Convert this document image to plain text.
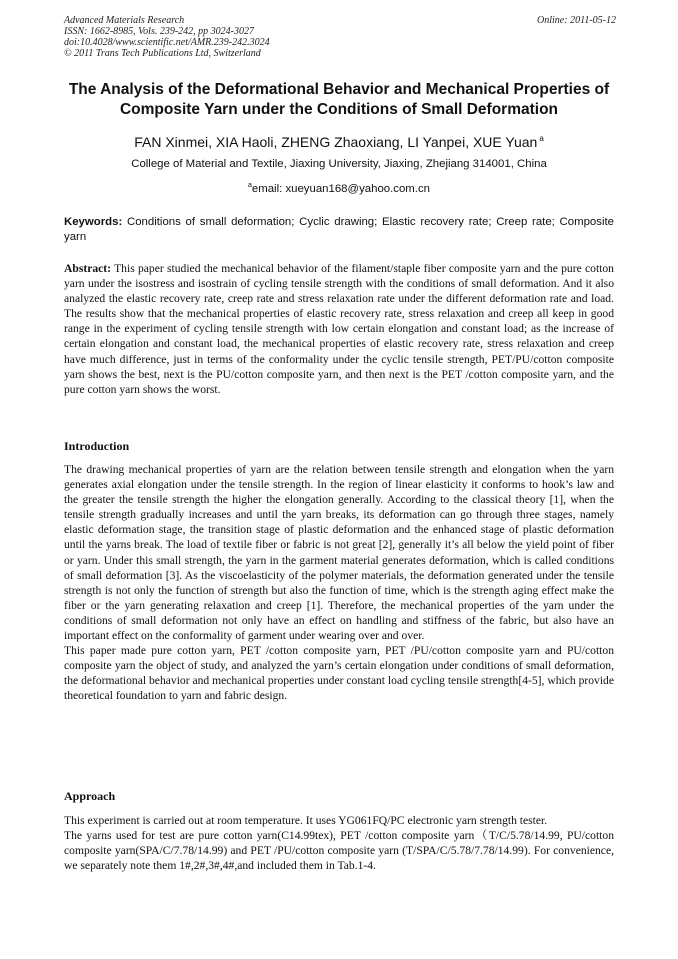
Advanced Materials Research
ISSN: 1662-8985, Vols. 239-242, pp 3024-3027
doi:10.4028/www.scientific.net/AMR.239-242.3024
© 2011 Trans Tech Publications Ltd, Switzerland
Online: 2011-05-12
The Analysis of the Deformational Behavior and Mechanical Properties of Composite Yarn under the Conditions of Small Deformation
FAN Xinmei, XIA Haoli, ZHENG Zhaoxiang, LI Yanpei, XUE Yuan $^a$
College of Material and Textile, Jiaxing University, Jiaxing, Zhejiang 314001, China
$^a$email: xueyuan168@yahoo.com.cn
Keywords: Conditions of small deformation; Cyclic drawing; Elastic recovery rate; Creep rate; Composite yarn
Abstract: This paper studied the mechanical behavior of the filament/staple fiber composite yarn and the pure cotton yarn under the isostress and isostrain of cycling tensile strength with the conditions of small deformation. And it also analyzed the elastic recovery rate, creep rate and stress relaxation rate under the different deformation rate and load. The results show that the mechanical properties of elastic recovery rate, stress relaxation and creep all keep in good range in the experiment of cycling tensile strength with low certain elongation and constant load; as the increase of certain elongation and constant load, the mechanical properties of elastic recovery rate, stress relaxation and creep have much difference, just in terms of the conformality under the cyclic tensile strength, PET/PU/cotton composite yarn shows the best, next is the PU/cotton composite yarn, and then next is the PET /cotton composite yarn, and the pure cotton yarn shows the worst.
Introduction

The drawing mechanical properties of yarn are the relation between tensile strength and elongation when the yarn generates axial elongation under the tensile strength. In the region of linear elasticity it conforms to hook’s law and the greater the tensile strength the higher the elongation generally. According to the classical theory [1], when the tensile strength gradually increases and until the yarn breaks, its deformation can go through three stages, namely elastic deformation stage, the transition stage of plastic deformation and the enhanced stage of plastic deformation until the yarns break. The load of textile fiber or fabric is not great [2], generally it’s all below the yield point of fiber or yarn. Under this small strength, the yarn in the garment material generates deformation, which is called conditions of small deformation [3]. As the viscoelasticity of the polymer materials, the deformation generated under the tensile strength is not only the function of strength but also the function of time, which is the strength aging effect make the fiber or the yarn generating relaxation and creep [1]. Therefore, the mechanical properties of the yarn under the conditions of small deformation not only have an effect on handling and stiffness of the fabric, but also have an important effect on the conformality of garment under wearing over and over.

This paper made pure cotton yarn, PET /cotton composite yarn, PET /PU/cotton composite yarn and PU/cotton composite yarn the object of study, and analyzed the yarn’s certain elongation under conditions of small deformation, the deformational behavior and mechanical properties under constant load cycling tensile strength[4-5], which provide theoretical foundation to yarn and fabric design.

Approach

This experiment is carried out at room temperature. It uses YG061FQ/PC electronic yarn strength tester.

The yarns used for test are pure cotton yarn(C14.99tex), PET /cotton composite yarn（T/C/5.78/14.99, PU/cotton composite yarn(SPA/C/7.78/14.99) and PET /PU/cotton composite yarn (T/SPA/C/5.78/7.78/14.99). For convenience, we separately note them 1#,2#,3#,4#,and included them in Tab.1-4.
